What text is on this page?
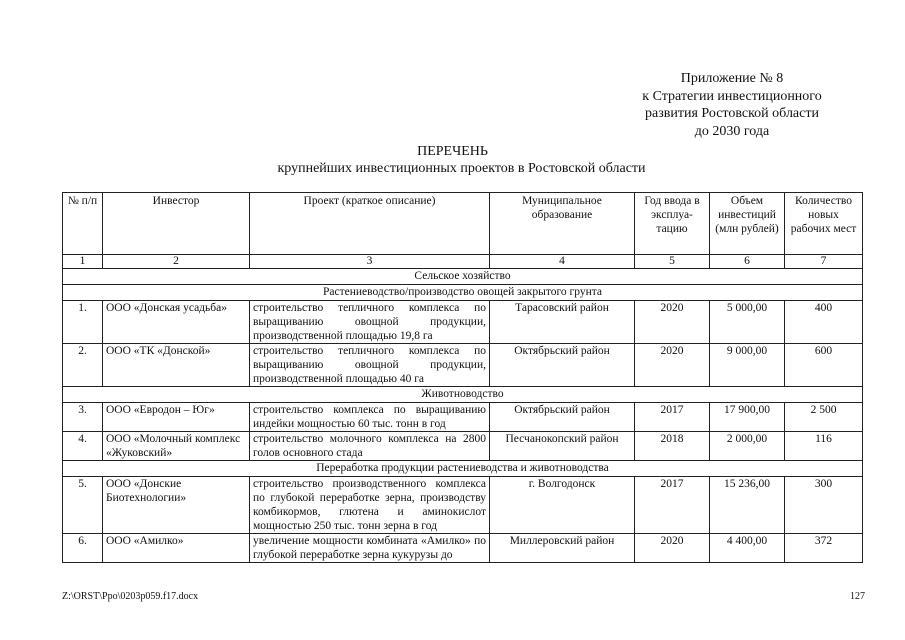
Приложение № 8
к Стратегии инвестиционного
развития Ростовской области
до 2030 года
ПЕРЕЧЕНЬ
крупнейших инвестиционных проектов в Ростовской области
№ п/п	Инвестор	Проект (краткое описание)	Муниципальное образование	Год ввода в эксплуа-тацию	Объем инвестиций (млн рублей)	Количество новых рабочих мест
1	2	3	4	5	6	7
Сельское хозяйство						
Растениеводство/производство овощей закрытого грунта						
1.	ООО «Донская усадьба»	строительство тепличного комплекса по выращиванию овощной продукции, производственной площадью 19,8 га	Тарасовский район	2020	5 000,00	400
2.	ООО «ТК «Донской»	строительство тепличного комплекса по выращиванию овощной продукции, производственной площадью 40 га	Октябрьский район	2020	9 000,00	600
Животноводство						
3.	ООО «Евродон – Юг»	строительство комплекса по выращиванию индейки мощностью 60 тыс. тонн в год	Октябрьский район	2017	17 900,00	2 500
4.	ООО «Молочный комплекс «Жуковский»	строительство молочного комплекса на 2800 голов основного стада	Песчанокопский район	2018	2 000,00	116
Переработка продукции растениеводства и животноводства						
5.	ООО «Донские Биотехнологии»	строительство производственного комплекса по глубокой переработке зерна, производству комбикормов, глютена и аминокислот мощностью 250 тыс. тонн зерна в год	г. Волгодонск	2017	15 236,00	300
6.	ООО «Амилко»	увеличение мощности комбината «Амилко» по глубокой переработке зерна кукурузы до	Миллеровский район	2020	4 400,00	372
Z:\ORST\Ppo\0203p059.f17.docx	127
